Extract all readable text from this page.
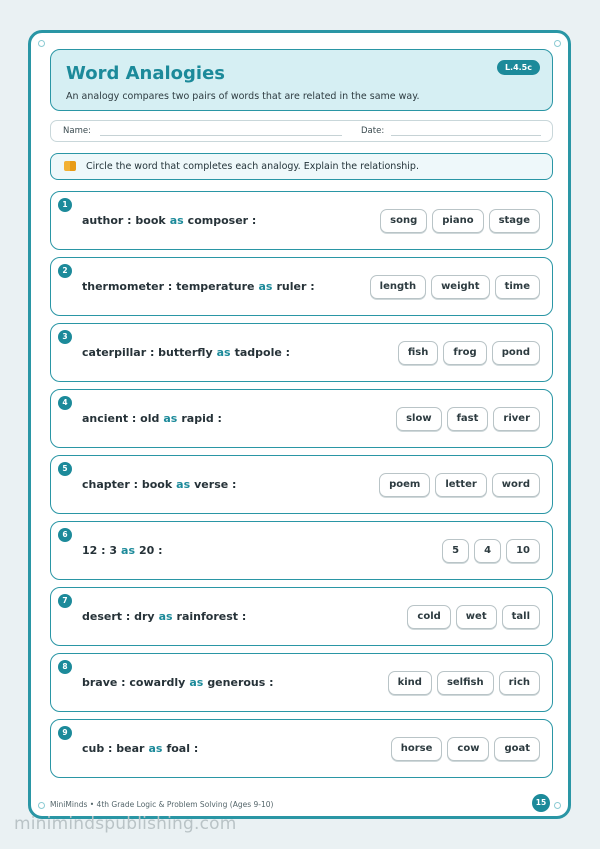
Word Analogies
An analogy compares two pairs of words that are related in the same way.
L.4.5c
Name:	Date:
Circle the word that completes each analogy. Explain the relationship.
1
author : book as composer :	song	piano	stage
2
thermometer : temperature as ruler :	length	weight	time
3
caterpillar : butterfly as tadpole :	fish	frog	pond
4
ancient : old as rapid :	slow	fast	river
5
chapter : book as verse :	poem	letter	word
6
12 : 3 as 20 :	5	4	10
7
desert : dry as rainforest :	cold	wet	tall
8
brave : cowardly as generous :	kind	selfish	rich
9
cub : bear as foal :	horse	cow	goat
MiniMinds • 4th Grade Logic & Problem Solving (Ages 9-10)	15
minimindspublishing.com
